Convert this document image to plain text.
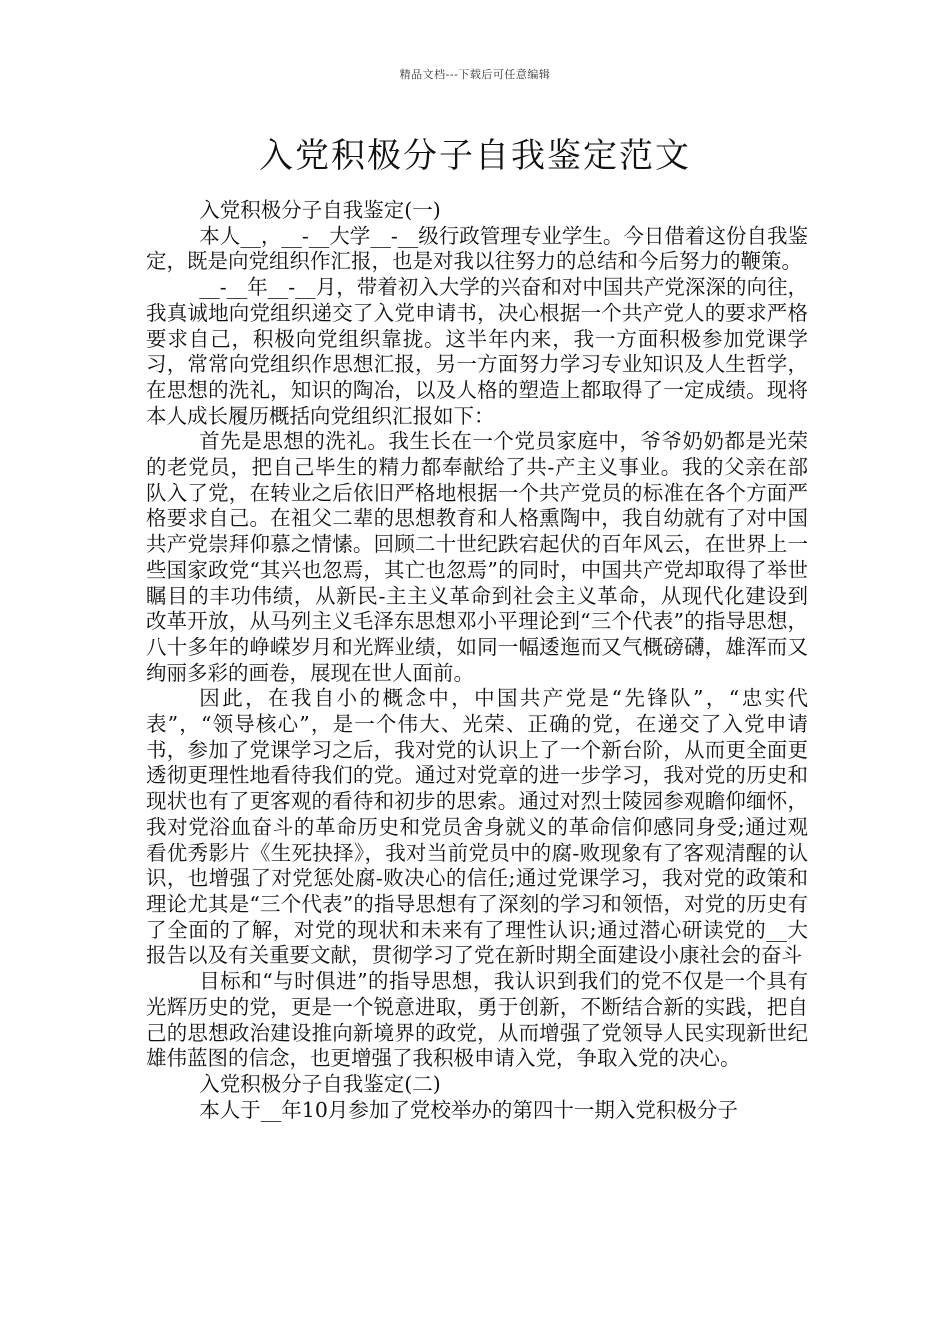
精品文档---下载后可任意编辑
入党积极分子自我鉴定范文

入党积极分子自我鉴定(一)

本人__，__-__大学__-__级行政管理专业学生。今日借着这份自我鉴定，既是向党组织作汇报，也是对我以往努力的总结和今后努力的鞭策。

__-__年__-__月，带着初入大学的兴奋和对中国共产党深深的向往，我真诚地向党组织递交了入党申请书，决心根据一个共产党人的要求严格要求自己，积极向党组织靠拢。这半年内来，我一方面积极参加党课学习，常常向党组织作思想汇报，另一方面努力学习专业知识及人生哲学，在思想的洗礼，知识的陶冶，以及人格的塑造上都取得了一定成绩。现将本人成长履历概括向党组织汇报如下：

首先是思想的洗礼。我生长在一个党员家庭中，爷爷奶奶都是光荣的老党员，把自己毕生的精力都奉献给了共-产主义事业。我的父亲在部队入了党，在转业之后依旧严格地根据一个共产党员的标准在各个方面严格要求自己。在祖父二辈的思想教育和人格熏陶中，我自幼就有了对中国共产党崇拜仰慕之情愫。回顾二十世纪跌宕起伏的百年风云，在世界上一些国家政党“其兴也忽焉，其亡也忽焉”的同时，中国共产党却取得了举世瞩目的丰功伟绩，从新民-主主义革命到社会主义革命，从现代化建设到改革开放，从马列主义毛泽东思想邓小平理论到“三个代表”的指导思想，八十多年的峥嵘岁月和光辉业绩，如同一幅逶迤而又气概磅礴，雄浑而又绚丽多彩的画卷，展现在世人面前。

因此，在我自小的概念中，中国共产党是“先锋队”，“忠实代表”，“领导核心”，是一个伟大、光荣、正确的党，在递交了入党申请书，参加了党课学习之后，我对党的认识上了一个新台阶，从而更全面更透彻更理性地看待我们的党。通过对党章的进一步学习，我对党的历史和现状也有了更客观的看待和初步的思索。通过对烈士陵园参观瞻仰缅怀，我对党浴血奋斗的革命历史和党员舍身就义的革命信仰感同身受;通过观看优秀影片《生死抉择》，我对当前党员中的腐-败现象有了客观清醒的认识，也增强了对党惩处腐-败决心的信任;通过党课学习，我对党的政策和理论尤其是“三个代表”的指导思想有了深刻的学习和领悟，对党的历史有了全面的了解，对党的现状和未来有了理性认识;通过潜心研读党的__大报告以及有关重要文献，贯彻学习了党在新时期全面建设小康社会的奋斗

目标和“与时俱进”的指导思想，我认识到我们的党不仅是一个具有光辉历史的党，更是一个锐意进取，勇于创新，不断结合新的实践，把自己的思想政治建设推向新境界的政党，从而增强了党领导人民实现新世纪雄伟蓝图的信念，也更增强了我积极申请入党，争取入党的决心。

入党积极分子自我鉴定(二)

本人于__年10月参加了党校举办的第四十一期入党积极分子
